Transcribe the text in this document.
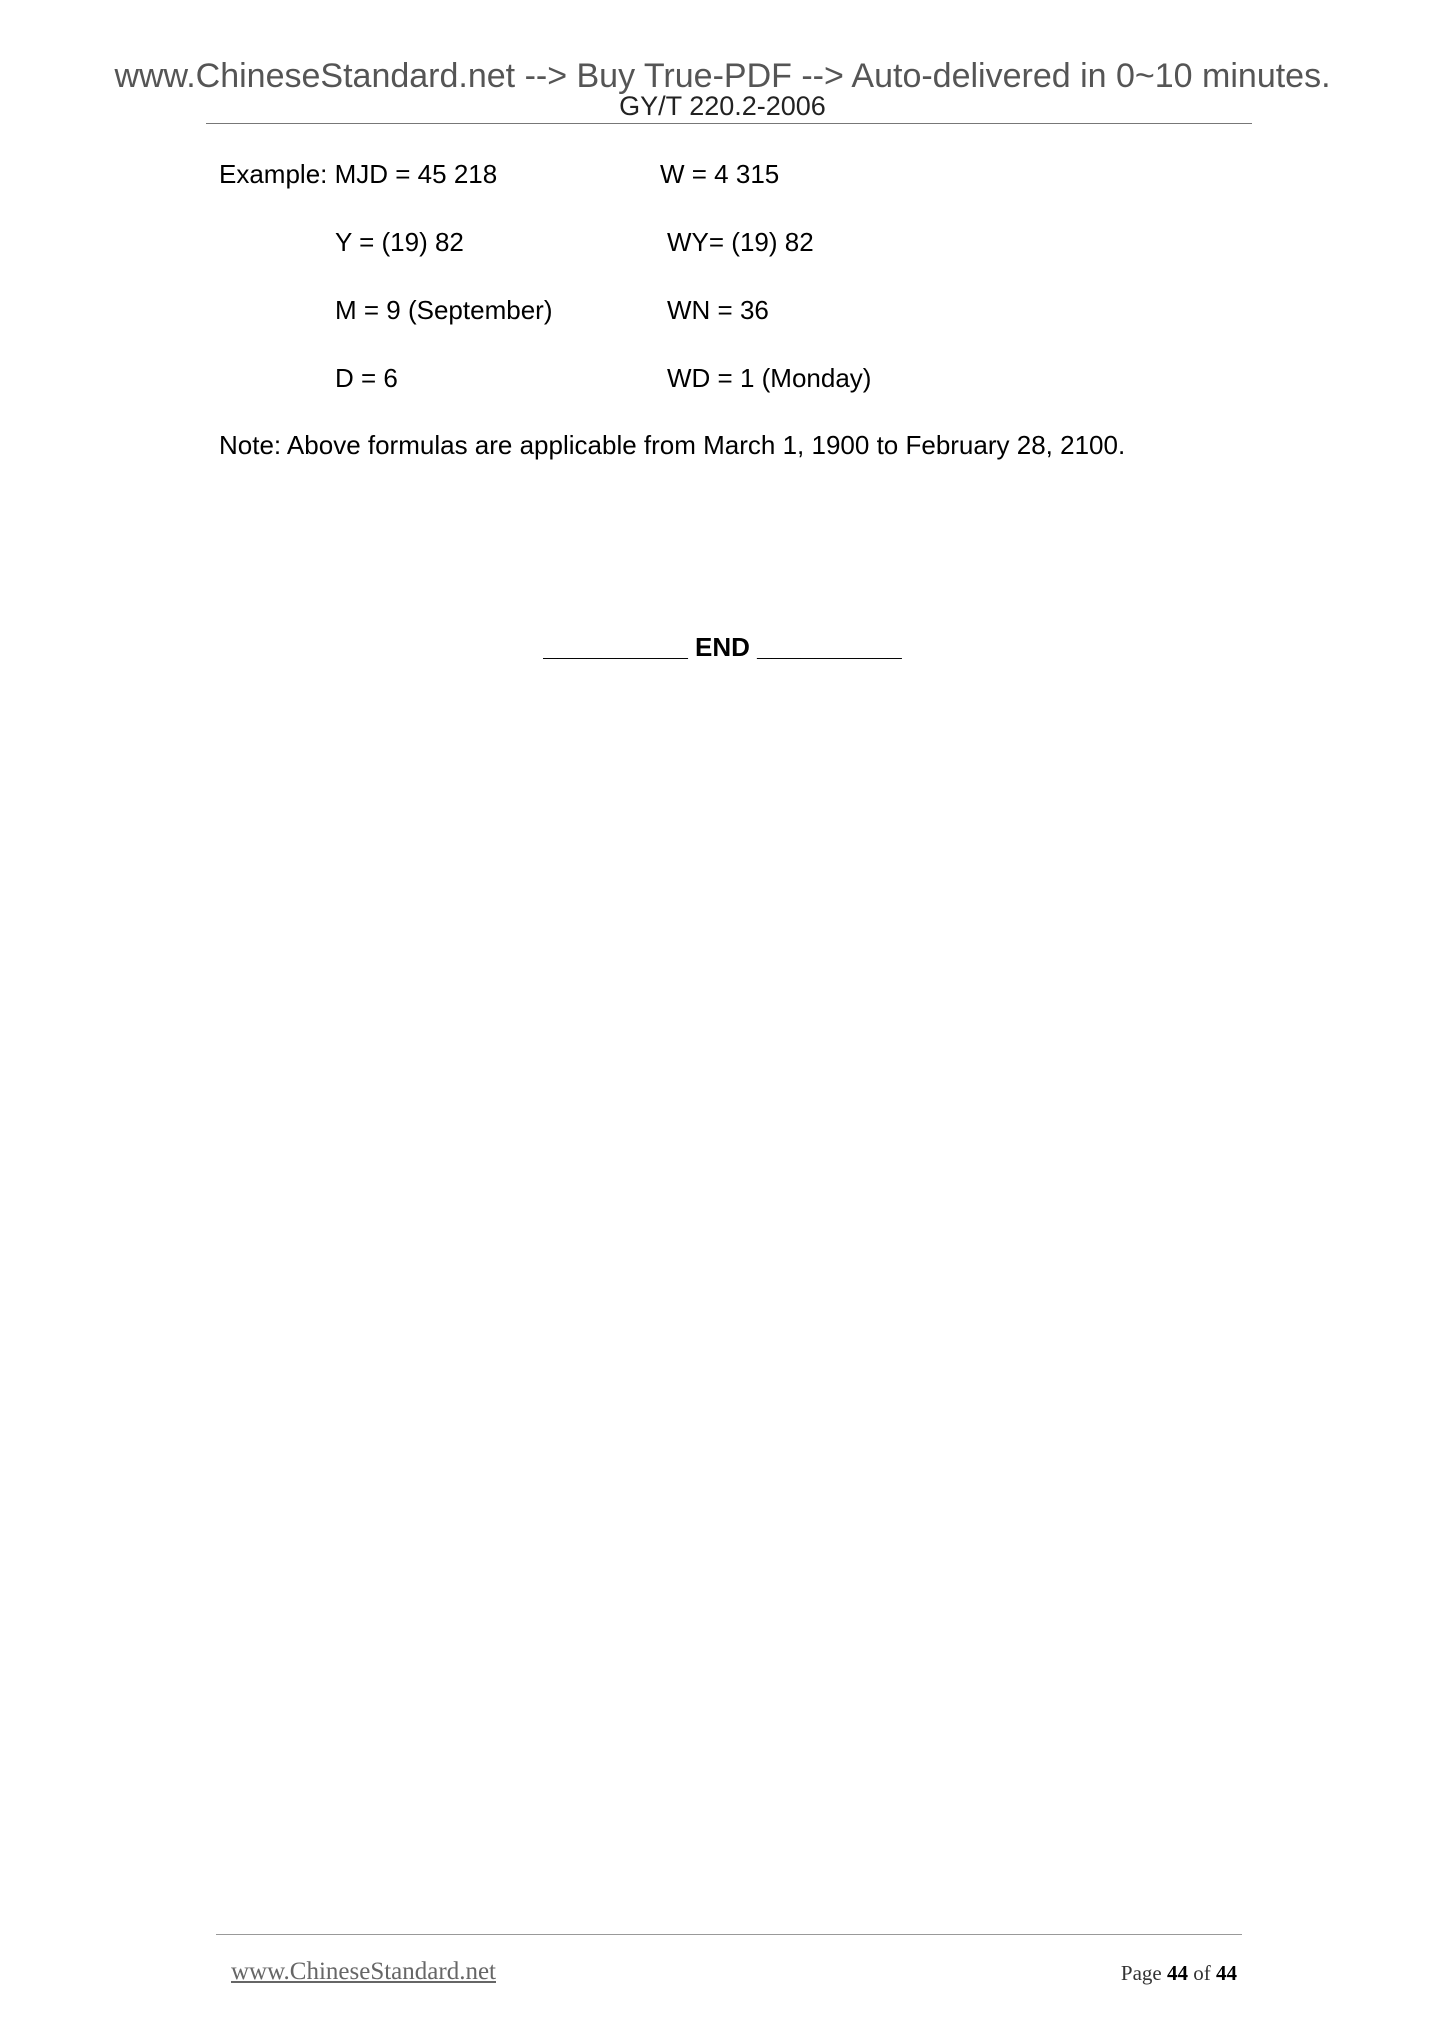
www.ChineseStandard.net --> Buy True-PDF --> Auto-delivered in 0~10 minutes.
GY/T 220.2-2006
Example: MJD = 45 218	W = 4 315
Y = (19) 82	WY= (19) 82
M = 9 (September)	WN = 36
D = 6	WD = 1 (Monday)
Note: Above formulas are applicable from March 1, 1900 to February 28, 2100.
__________ END __________
www.ChineseStandard.net	Page 44 of 44
